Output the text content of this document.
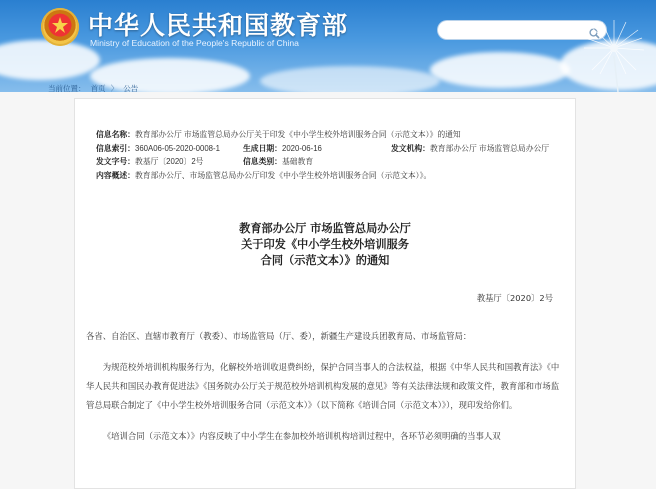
中华人民共和国教育部
Ministry of Education of the People's Republic of China
当前位置： 首页 〉 公告
信息名称：教育部办公厅 市场监管总局办公厅关于印发《中小学生校外培训服务合同（示范文本）》的通知
信息索引：360A06-05-2020-0008-1	生成日期：2020-06-16	发文机构：教育部办公厅 市场监管总局办公厅
发文字号：教基厅〔2020〕2号	信息类别：基础教育
内容概述：教育部办公厅、市场监管总局办公厅印发《中小学生校外培训服务合同（示范文本）》。
教育部办公厅 市场监管总局办公厅
关于印发《中小学生校外培训服务
合同（示范文本）》的通知
教基厅〔2020〕2号

各省、自治区、直辖市教育厅（教委）、市场监管局（厅、委），新疆生产建设兵团教育局、市场监管局：

为规范校外培训机构服务行为，化解校外培训收退费纠纷，保护合同当事人的合法权益，根据《中华人民共和国教育法》《中华人民共和国民办教育促进法》《国务院办公厅关于规范校外培训机构发展的意见》等有关法律法规和政策文件，教育部和市场监管总局联合制定了《中小学生校外培训服务合同（示范文本）》（以下简称《培训合同（示范文本）》），现印发给你们。

《培训合同（示范文本）》内容反映了中小学生在参加校外培训机构培训过程中，各环节必须明确的当事人双
